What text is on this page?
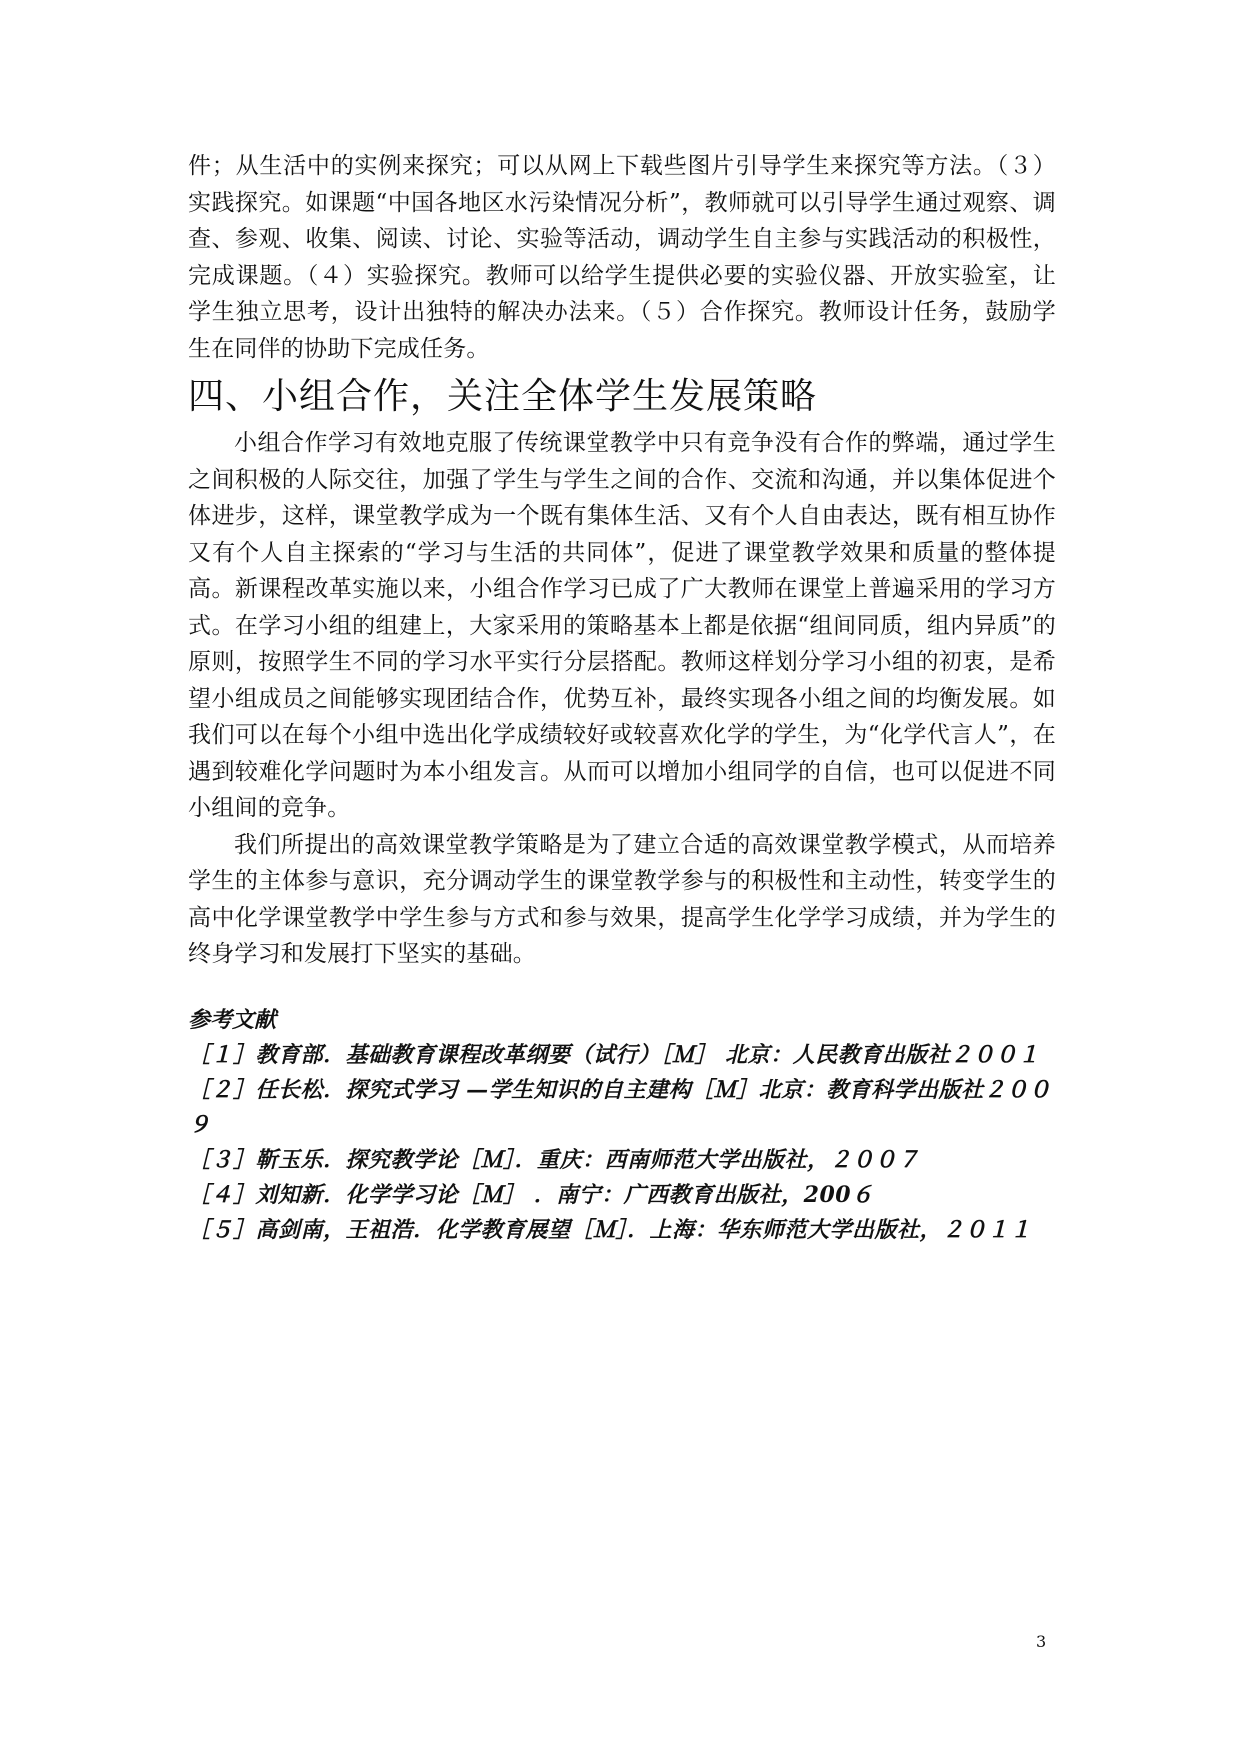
件；从生活中的实例来探究；可以从网上下载些图片引导学生来探究等方法。（３）实践探究。如课题“中国各地区水污染情况分析”，教师就可以引导学生通过观察、调查、参观、收集、阅读、讨论、实验等活动，调动学生自主参与实践活动的积极性，完成课题。（４）实验探究。教师可以给学生提供必要的实验仪器、开放实验室，让学生独立思考，设计出独特的解决办法来。（５）合作探究。教师设计任务，鼓励学生在同伴的协助下完成任务。

四、小组合作，关注全体学生发展策略

小组合作学习有效地克服了传统课堂教学中只有竞争没有合作的弊端，通过学生之间积极的人际交往，加强了学生与学生之间的合作、交流和沟通，并以集体促进个体进步，这样，课堂教学成为一个既有集体生活、又有个人自由表达，既有相互协作又有个人自主探索的“学习与生活的共同体”，促进了课堂教学效果和质量的整体提高。新课程改革实施以来，小组合作学习已成了广大教师在课堂上普遍采用的学习方式。在学习小组的组建上，大家采用的策略基本上都是依据“组间同质，组内异质”的原则，按照学生不同的学习水平实行分层搭配。教师这样划分学习小组的初衷，是希望小组成员之间能够实现团结合作，优势互补，最终实现各小组之间的均衡发展。如我们可以在每个小组中选出化学成绩较好或较喜欢化学的学生，为“化学代言人”，在遇到较难化学问题时为本小组发言。从而可以增加小组同学的自信，也可以促进不同小组间的竞争。

我们所提出的高效课堂教学策略是为了建立合适的高效课堂教学模式，从而培养学生的主体参与意识，充分调动学生的课堂教学参与的积极性和主动性，转变学生的高中化学课堂教学中学生参与方式和参与效果，提高学生化学学习成绩，并为学生的终身学习和发展打下坚实的基础。

参考文献

［１］教育部．基础教育课程改革纲要（试行）［Ｍ］ 北京：人民教育出版社２００１

［２］任长松．探究式学习 —学生知识的自主建构［Ｍ］北京：教育科学出版社２００９

［３］靳玉乐．探究教学论［Ｍ］．重庆：西南师范大学出版社，２００７

［４］刘知新．化学学习论［Ｍ］ ．南宁：广西教育出版社，200６

［５］高剑南，王祖浩．化学教育展望［Ｍ］．上海：华东师范大学出版社，２０１１

3
